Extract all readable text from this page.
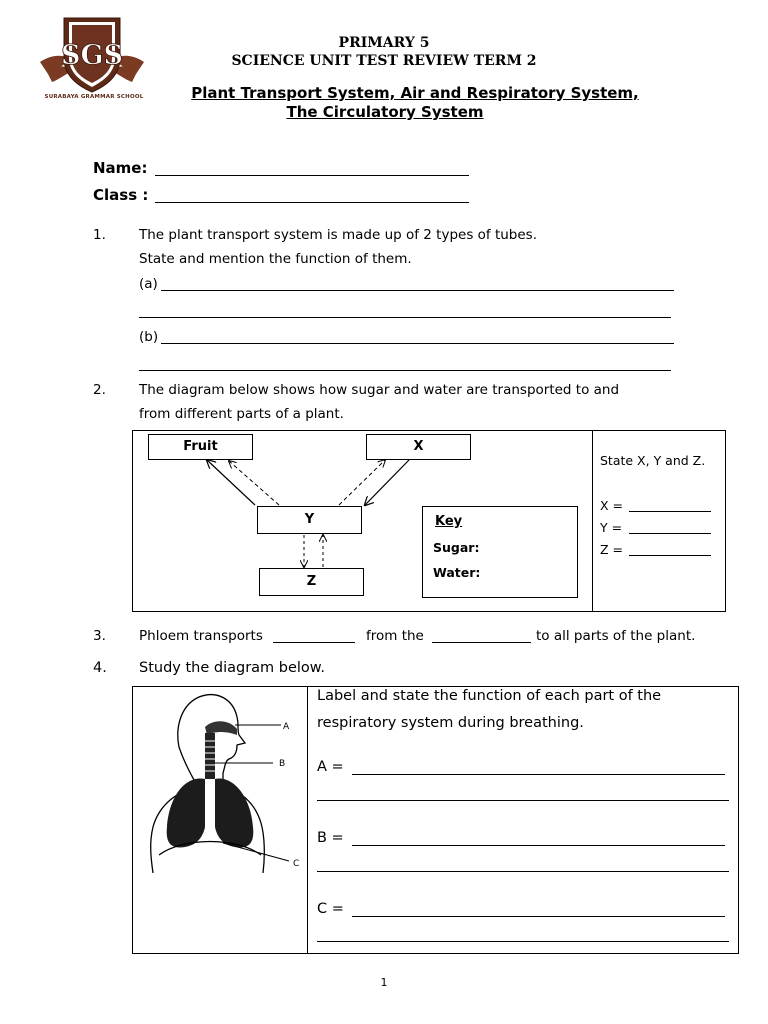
SGS
SURABAYA GRAMMAR SCHOOL
PRIMARY 5
SCIENCE UNIT TEST REVIEW TERM 2
Plant Transport System, Air and Respiratory System,
The Circulatory System
Name:
Class :
1. The plant transport system is made up of 2 types of tubes.
State and mention the function of them.
(a)
(b)
2. The diagram below shows how sugar and water are transported to and
from different parts of a plant.
Fruit	X
Y
Z
Key
Sugar:
Water:
State X, Y and Z.
X =
Y =
Z =
3. Phloem transports	from the	to all parts of the plant.
4. Study the diagram below.
A
B
C
Label and state the function of each part of the
respiratory system during breathing.
A =
B =
C =
1
